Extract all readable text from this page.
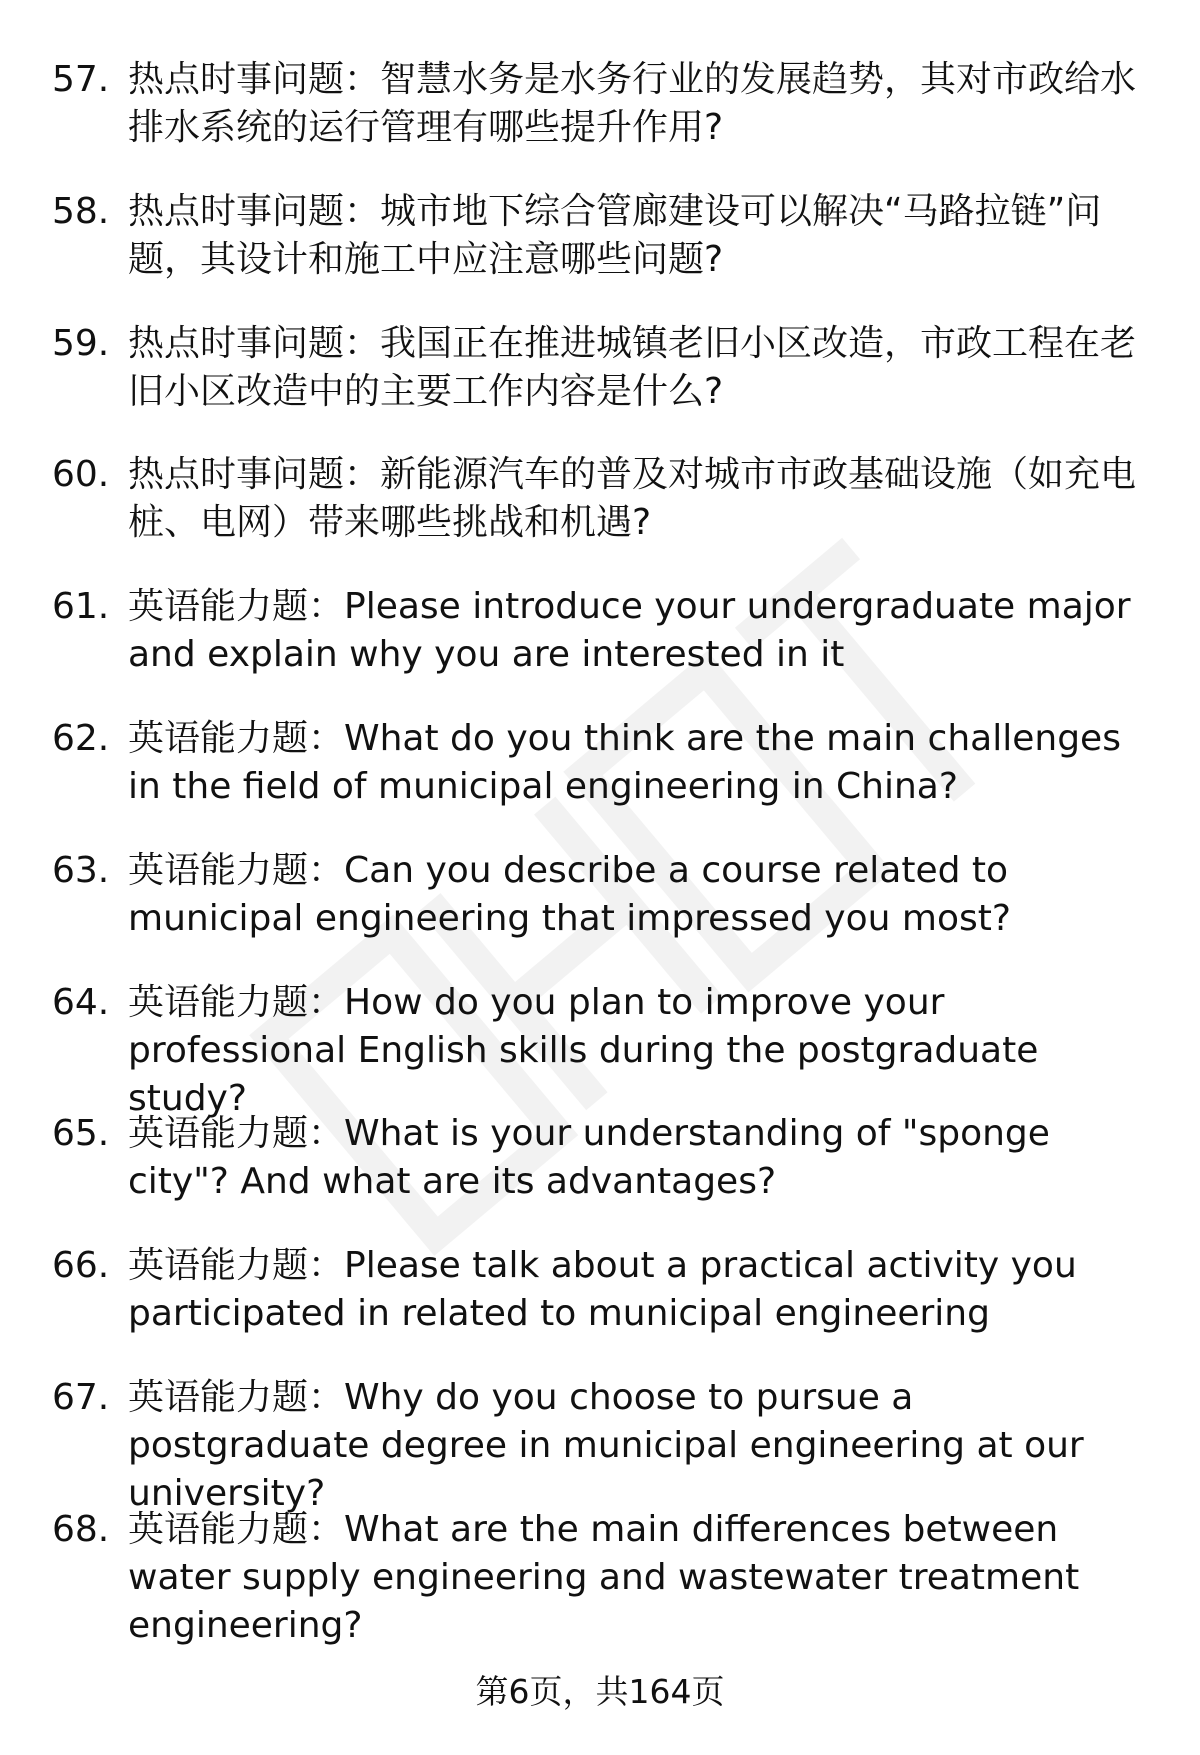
57. 热点时事问题：智慧水务是水务行业的发展趋势，其对市政给水排水系统的运行管理有哪些提升作用?
58. 热点时事问题：城市地下综合管廊建设可以解决“马路拉链”问题，其设计和施工中应注意哪些问题?
59. 热点时事问题：我国正在推进城镇老旧小区改造，市政工程在老旧小区改造中的主要工作内容是什么?
60. 热点时事问题：新能源汽车的普及对城市市政基础设施（如充电桩、电网）带来哪些挑战和机遇?
61. 英语能力题：Please introduce your undergraduate major and explain why you are interested in it
62. 英语能力题：What do you think are the main challenges in the field of municipal engineering in China?
63. 英语能力题：Can you describe a course related to municipal engineering that impressed you most?
64. 英语能力题：How do you plan to improve your professional English skills during the postgraduate study?
65. 英语能力题：What is your understanding of "sponge city"? And what are its advantages?
66. 英语能力题：Please talk about a practical activity you participated in related to municipal engineering
67. 英语能力题：Why do you choose to pursue a postgraduate degree in municipal engineering at our university?
68. 英语能力题：What are the main differences between water supply engineering and wastewater treatment engineering?
第6页，共164页
